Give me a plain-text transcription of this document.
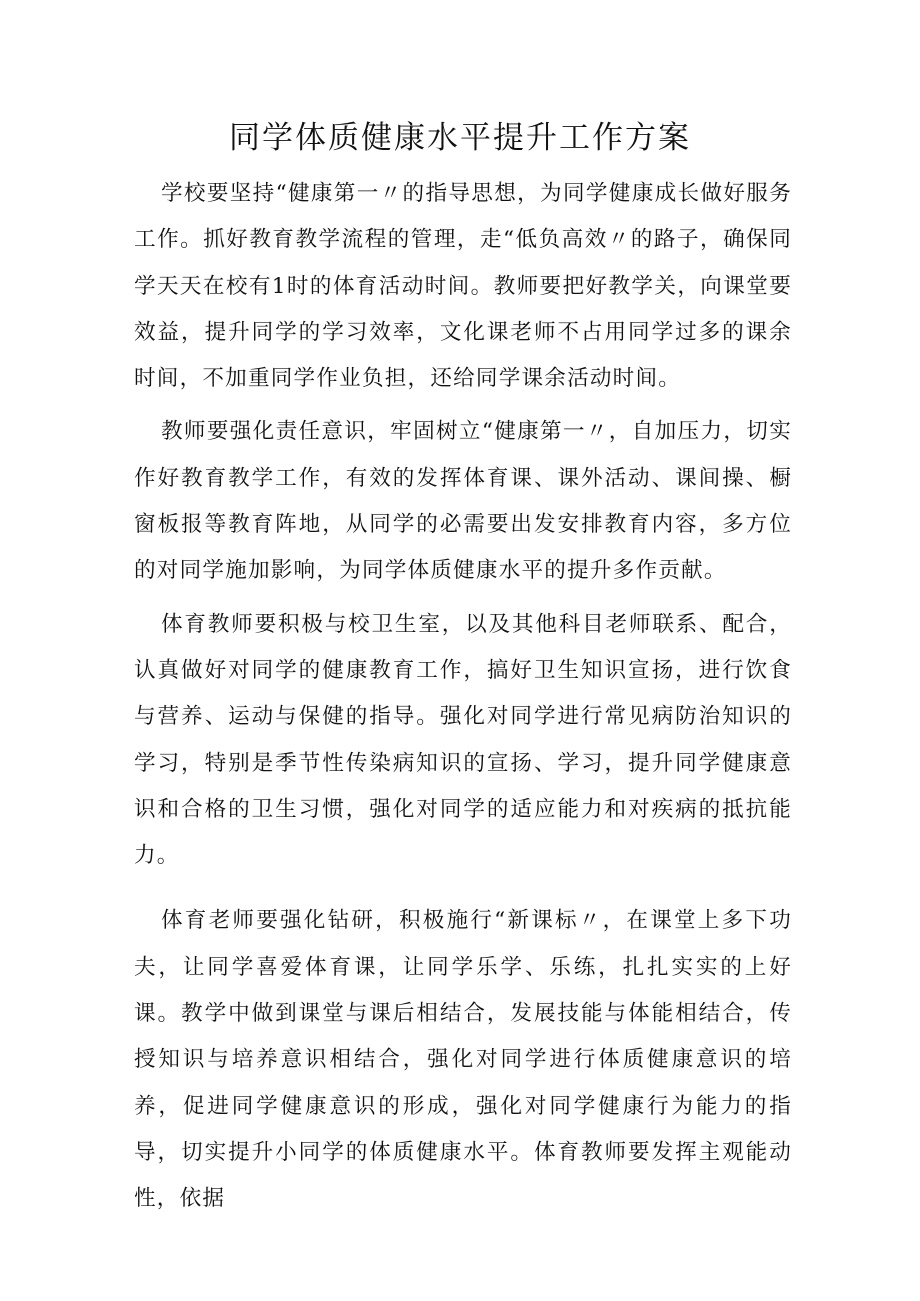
同学体质健康水平提升工作方案

学校要坚持“健康第一〃的指导思想，为同学健康成长做好服务工作。抓好教育教学流程的管理，走“低负高效〃的路子，确保同学天天在校有1时的体育活动时间。教师要把好教学关，向课堂要效益，提升同学的学习效率，文化课老师不占用同学过多的课余时间，不加重同学作业负担，还给同学课余活动时间。

教师要强化责任意识，牢固树立“健康第一〃，自加压力，切实作好教育教学工作，有效的发挥体育课、课外活动、课间操、橱窗板报等教育阵地，从同学的必需要出发安排教育内容，多方位的对同学施加影响，为同学体质健康水平的提升多作贡献。

体育教师要积极与校卫生室，以及其他科目老师联系、配合，认真做好对同学的健康教育工作，搞好卫生知识宣扬，进行饮食与营养、运动与保健的指导。强化对同学进行常见病防治知识的学习，特别是季节性传染病知识的宣扬、学习，提升同学健康意识和合格的卫生习惯，强化对同学的适应能力和对疾病的抵抗能力。

体育老师要强化钻研，积极施行“新课标〃，在课堂上多下功夫，让同学喜爱体育课，让同学乐学、乐练，扎扎实实的上好课。教学中做到课堂与课后相结合，发展技能与体能相结合，传授知识与培养意识相结合，强化对同学进行体质健康意识的培养，促进同学健康意识的形成，强化对同学健康行为能力的指导，切实提升小同学的体质健康水平。体育教师要发挥主观能动性，依据
